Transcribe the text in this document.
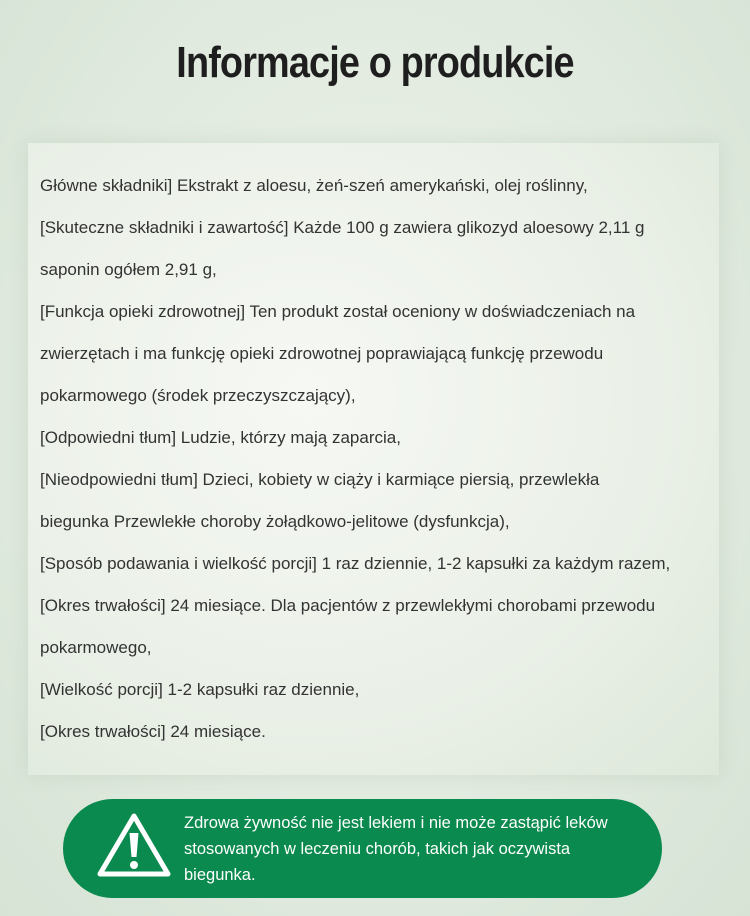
Informacje o produkcie
Główne składniki] Ekstrakt z aloesu, żeń-szeń amerykański, olej roślinny,
[Skuteczne składniki i zawartość] Każde 100 g zawiera glikozyd aloesowy 2,11 g
saponin ogółem 2,91 g,
[Funkcja opieki zdrowotnej] Ten produkt został oceniony w doświadczeniach na
zwierzętach i ma funkcję opieki zdrowotnej poprawiającą funkcję przewodu
pokarmowego (środek przeczyszczający),
[Odpowiedni tłum] Ludzie, którzy mają zaparcia,
[Nieodpowiedni tłum] Dzieci, kobiety w ciąży i karmiące piersią, przewlekła
biegunka Przewlekłe choroby żołądkowo-jelitowe (dysfunkcja),
[Sposób podawania i wielkość porcji] 1 raz dziennie, 1-2 kapsułki za każdym razem,
[Okres trwałości] 24 miesiące. Dla pacjentów z przewlekłymi chorobami przewodu
pokarmowego,
[Wielkość porcji] 1-2 kapsułki raz dziennie,
[Okres trwałości] 24 miesiące.
Zdrowa żywność nie jest lekiem i nie może zastąpić leków
stosowanych w leczeniu chorób, takich jak oczywista
biegunka.
